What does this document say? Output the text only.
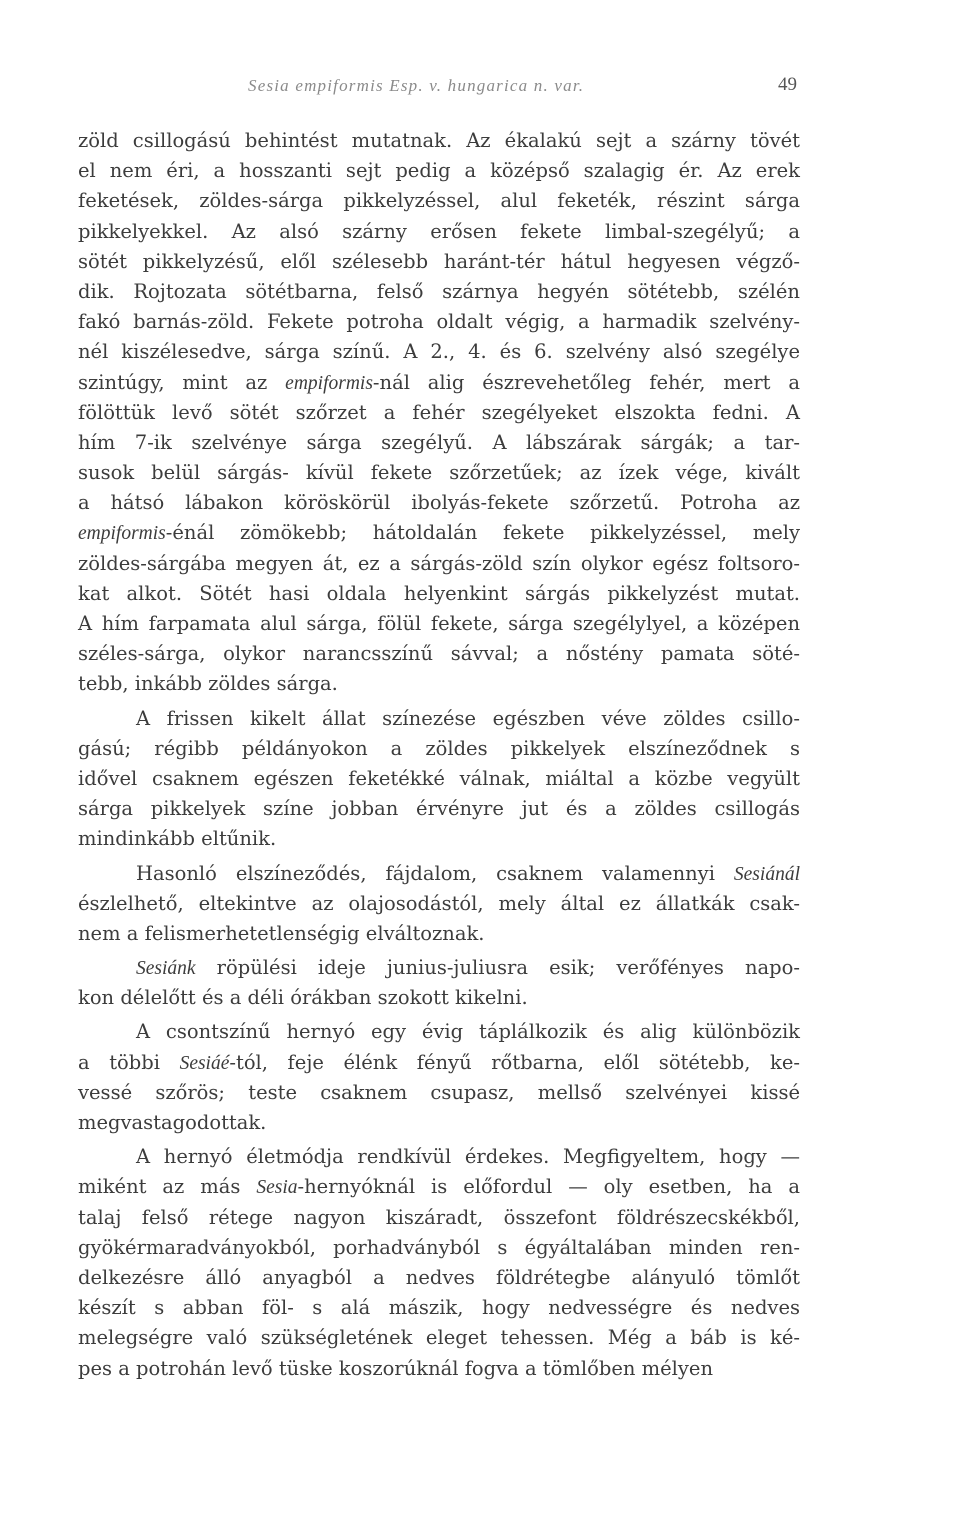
Sesia empiformis Esp. v. hungarica n. var.	49
zöld csillogású behintést mutatnak. Az ékalakú sejt a szárny tövét
el nem éri, a hosszanti sejt pedig a középső szalagig ér. Az erek
feketések, zöldes-sárga pikkelyzéssel, alul feketék, részint sárga
pikkelyekkel. Az alsó szárny erősen fekete limbal-szegélyű; a
sötét pikkelyzésű, elől szélesebb haránt-tér hátul hegyesen végző-
dik. Rojtozata sötétbarna, felső szárnya hegyén sötétebb, szélén
fakó barnás-zöld. Fekete potroha oldalt végig, a harmadik szelvény-
nél kiszélesedve, sárga színű. A 2., 4. és 6. szelvény alsó szegélye
szintúgy, mint az empiformis-nál alig észrevehetőleg fehér, mert a
fölöttük levő sötét szőrzet a fehér szegélyeket elszokta fedni. A
hím 7-ik szelvénye sárga szegélyű. A lábszárak sárgák; a tar-
susok belül sárgás- kívül fekete szőrzetűek; az ízek vége, kivált
a hátsó lábakon köröskörül ibolyás-fekete szőrzetű. Potroha az
empiformis-énál zömökebb; hátoldalán fekete pikkelyzéssel, mely
zöldes-sárgába megyen át, ez a sárgás-zöld szín olykor egész foltsoro-
kat alkot. Sötét hasi oldala helyenkint sárgás pikkelyzést mutat.
A hím farpamata alul sárga, fölül fekete, sárga szegélylyel, a középen
széles-sárga, olykor narancsszínű sávval; a nőstény pamata söté-
tebb, inkább zöldes sárga.
A frissen kikelt állat színezése egészben véve zöldes csillo-
gású; régibb példányokon a zöldes pikkelyek elszíneződnek s
idővel csaknem egészen feketékké válnak, miáltal a közbe vegyült
sárga pikkelyek színe jobban érvényre jut és a zöldes csillogás
mindinkább eltűnik.
Hasonló elszíneződés, fájdalom, csaknem valamennyi Sesiánál
észlelhető, eltekintve az olajosodástól, mely által ez állatkák csak-
nem a felismerhetetlenségig elváltoznak.
Sesiánk röpülési ideje junius-juliusra esik; verőfényes napo-
kon délelőtt és a déli órákban szokott kikelni.
A csontszínű hernyó egy évig táplálkozik és alig különbözik
a többi Sesiáé-tól, feje élénk fényű rőtbarna, elől sötétebb, ke-
vessé szőrös; teste csaknem csupasz, mellső szelvényei kissé
megvastagodottak.
A hernyó életmódja rendkívül érdekes. Megfigyeltem, hogy —
miként az más Sesia-hernyóknál is előfordul — oly esetben, ha a
talaj felső rétege nagyon kiszáradt, összefont földrészecskékből,
gyökérmaradványokból, porhadványból s égyáltalában minden ren-
delkezésre álló anyagból a nedves földrétegbe alányuló tömlőt
készít s abban föl- s alá mászik, hogy nedvességre és nedves
melegségre való szükségletének eleget tehessen. Még a báb is ké-
pes a potrohán levő tüske koszorúknál fogva a tömlőben mélyen
